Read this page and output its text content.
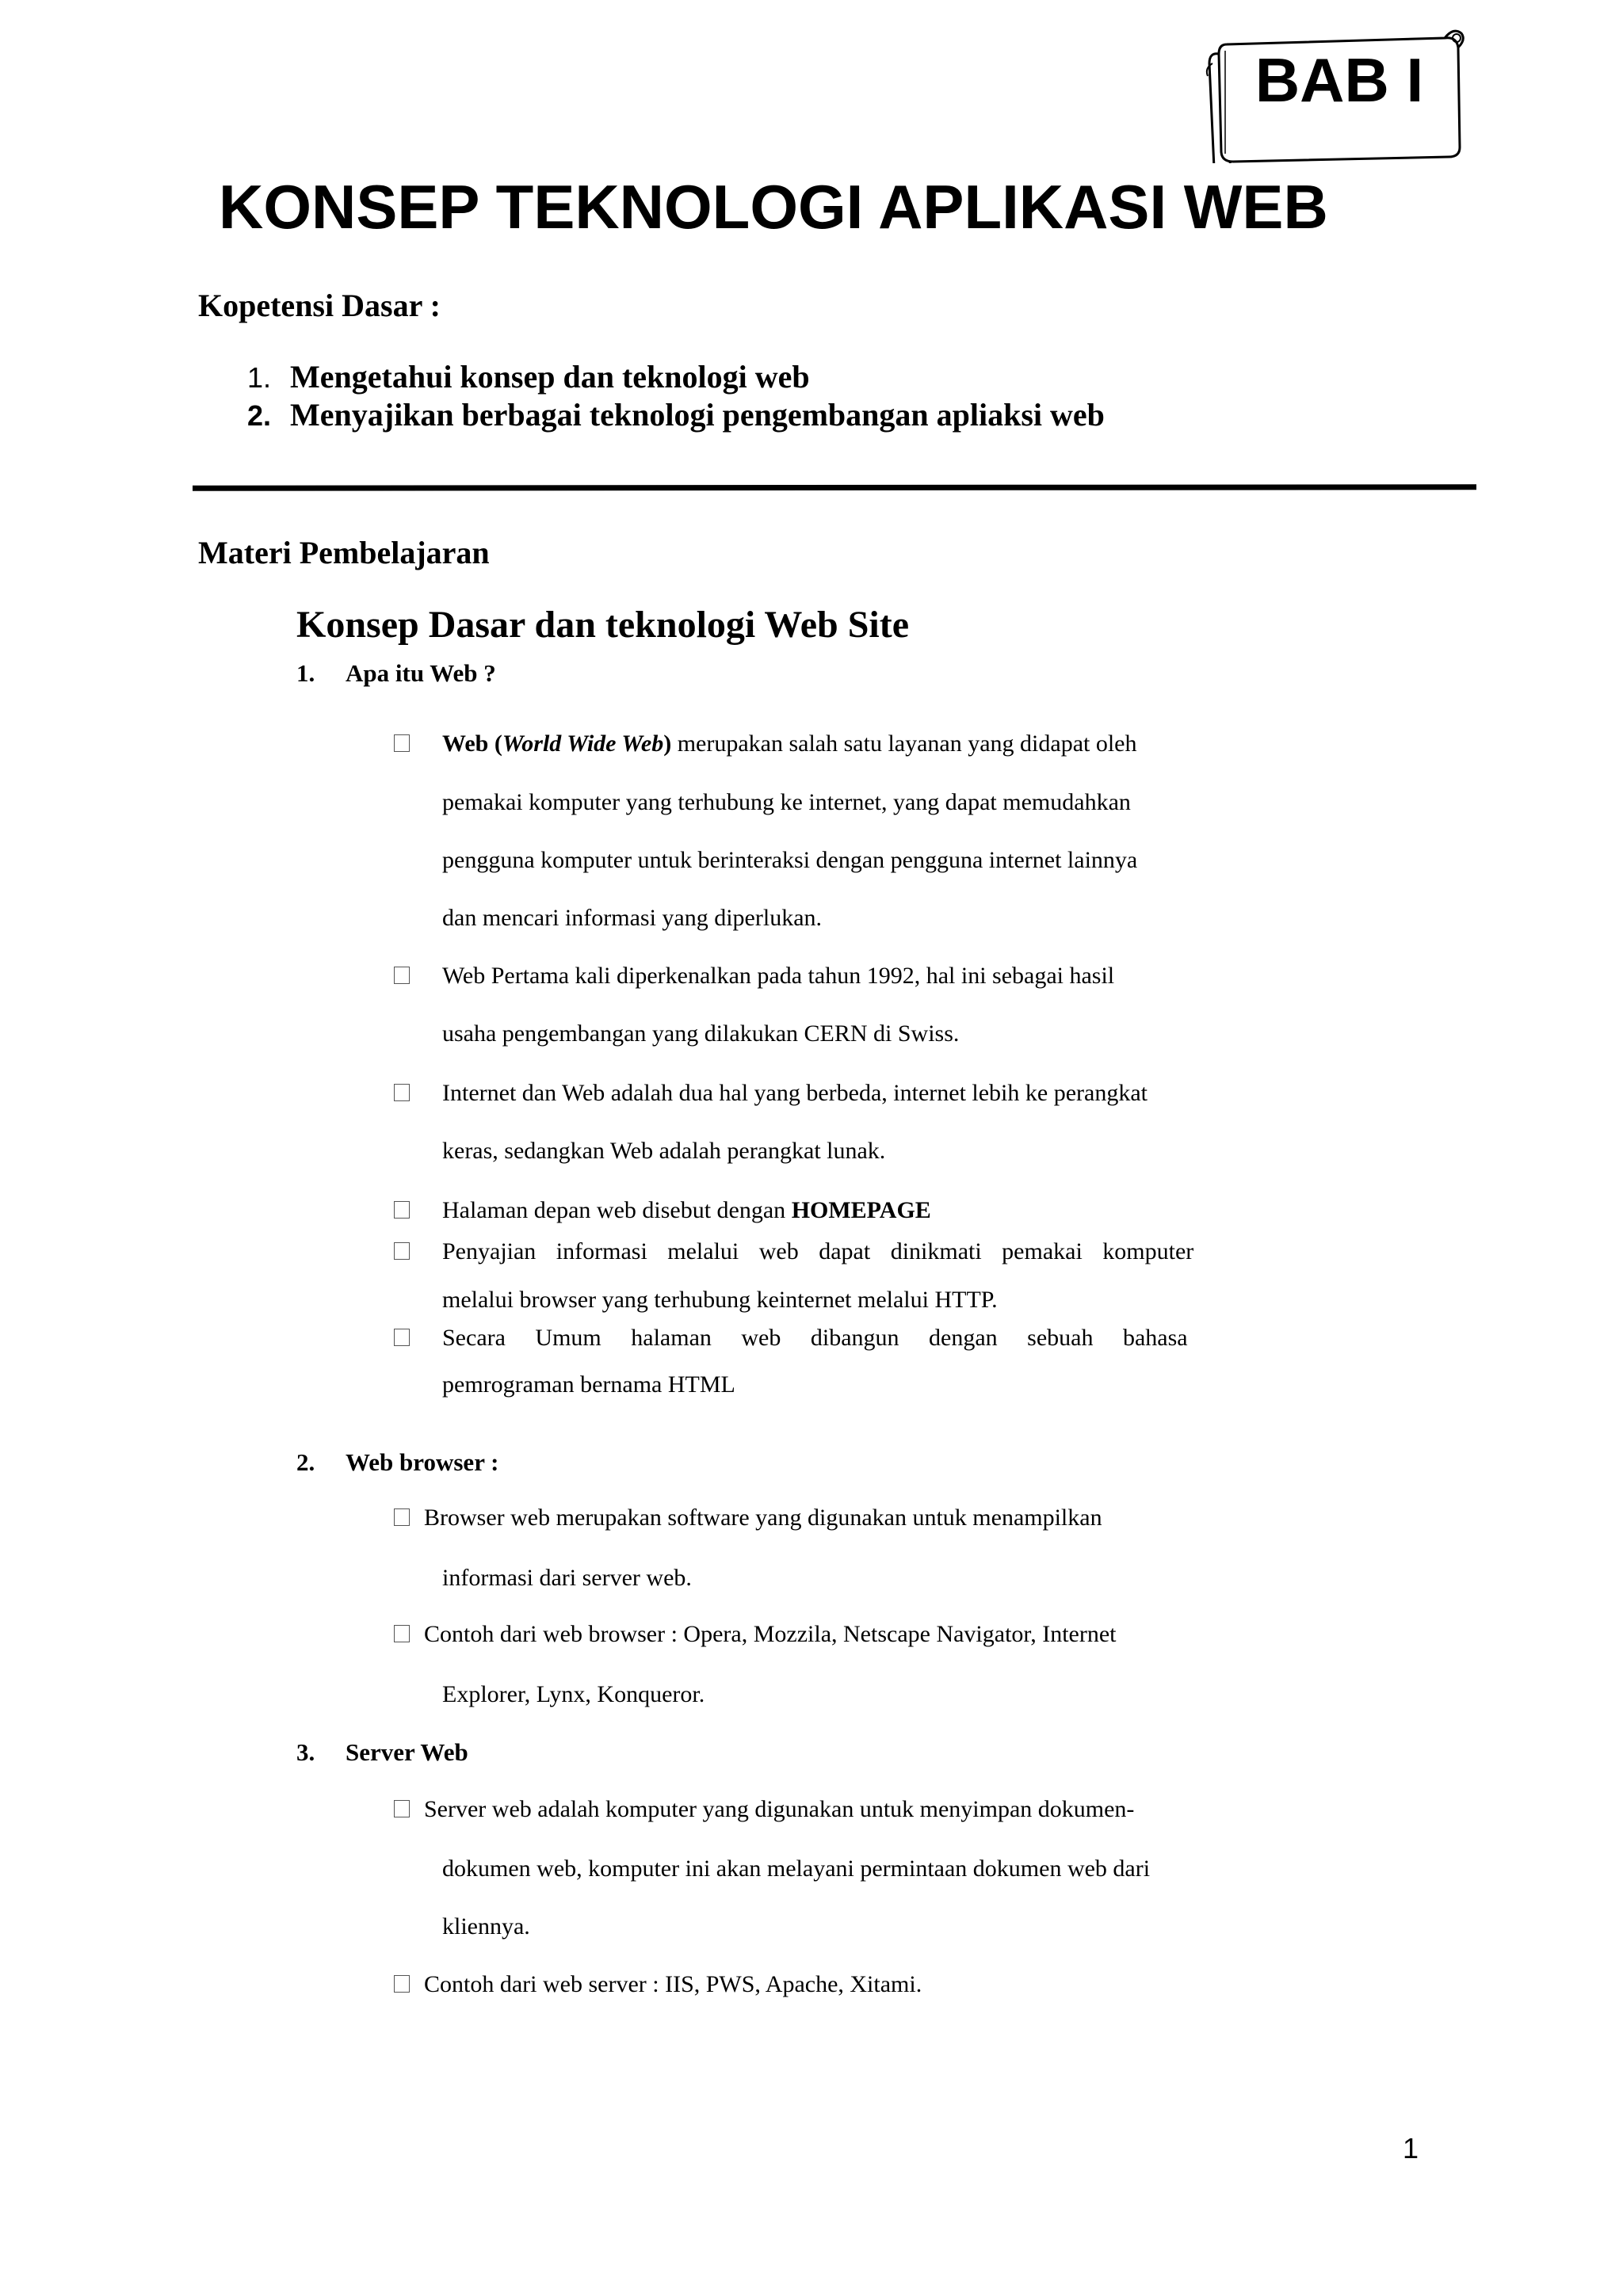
BAB I
KONSEP TEKNOLOGI APLIKASI WEB
Kopetensi Dasar :
1. Mengetahui konsep dan teknologi web
2. Menyajikan berbagai teknologi pengembangan apliaksi web
Materi Pembelajaran
Konsep Dasar dan teknologi Web Site
1. Apa itu Web ?
Web (World Wide Web) merupakan salah satu layanan yang didapat oleh
pemakai komputer yang terhubung ke internet, yang dapat memudahkan
pengguna komputer untuk berinteraksi dengan pengguna internet lainnya
dan mencari informasi yang diperlukan.
Web Pertama kali diperkenalkan pada tahun 1992, hal ini sebagai hasil
usaha pengembangan yang dilakukan CERN di Swiss.
Internet dan Web adalah dua hal yang berbeda, internet lebih ke perangkat
keras, sedangkan Web adalah perangkat lunak.
Halaman depan web disebut dengan HOMEPAGE
Penyajian informasi melalui web dapat dinikmati pemakai komputer
melalui browser yang terhubung keinternet melalui HTTP.
Secara Umum halaman web dibangun dengan sebuah bahasa
pemrograman bernama HTML
2. Web browser :
Browser web merupakan software yang digunakan untuk menampilkan
informasi dari server web.
Contoh dari web browser : Opera, Mozzila, Netscape Navigator, Internet
Explorer, Lynx, Konqueror.
3. Server Web
Server web adalah komputer yang digunakan untuk menyimpan dokumen-
dokumen web, komputer ini akan melayani permintaan dokumen web dari
kliennya.
Contoh dari web server : IIS, PWS, Apache, Xitami.
1
